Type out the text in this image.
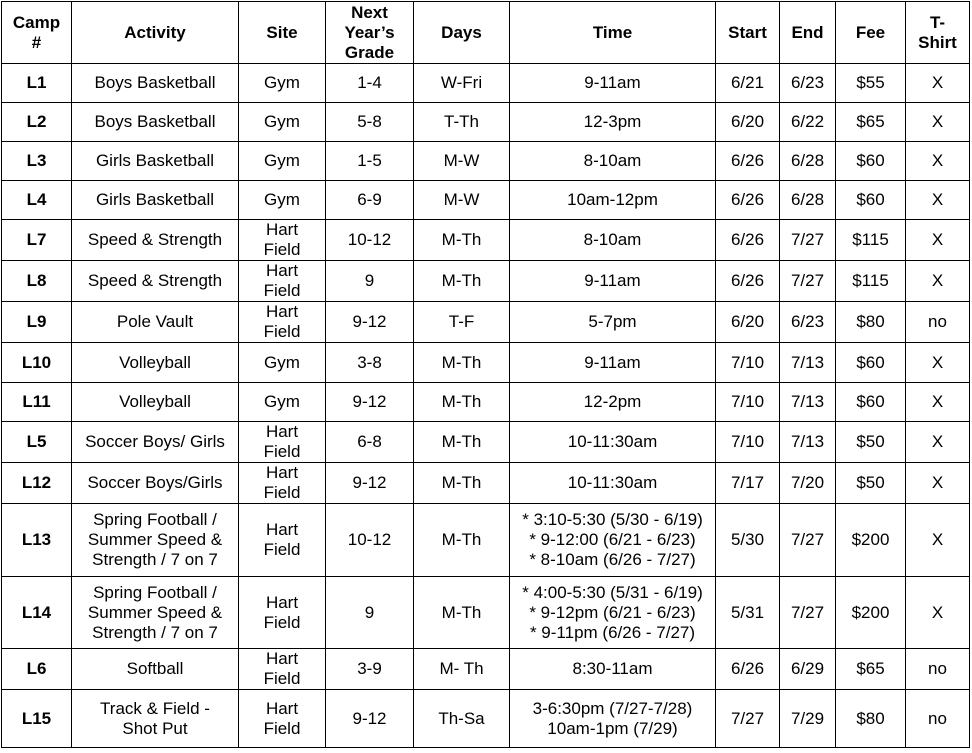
Camp
#	Activity	Site	Next
Year’s
Grade	Days	Time	Start	End	Fee	T-
Shirt

L1	Boys Basketball	Gym	1-4	W-Fri	9-11am	6/21	6/23	$55	X
L2	Boys Basketball	Gym	5-8	T-Th	12-3pm	6/20	6/22	$65	X
L3	Girls Basketball	Gym	1-5	M-W	8-10am	6/26	6/28	$60	X
L4	Girls Basketball	Gym	6-9	M-W	10am-12pm	6/26	6/28	$60	X
L7	Speed & Strength	Hart
Field	10-12	M-Th	8-10am	6/26	7/27	$115	X
L8	Speed & Strength	Hart
Field	9	M-Th	9-11am	6/26	7/27	$115	X
L9	Pole Vault	Hart
Field	9-12	T-F	5-7pm	6/20	6/23	$80	no
L10	Volleyball	Gym	3-8	M-Th	9-11am	7/10	7/13	$60	X
L11	Volleyball	Gym	9-12	M-Th	12-2pm	7/10	7/13	$60	X
L5	Soccer Boys/ Girls	Hart
Field	6-8	M-Th	10-11:30am	7/10	7/13	$50	X
L12	Soccer Boys/Girls	Hart
Field	9-12	M-Th	10-11:30am	7/17	7/20	$50	X
L13	Spring Football /
Summer Speed &
Strength / 7 on 7	Hart
Field	10-12	M-Th	* 3:10-5:30 (5/30 - 6/19)
* 9-12:00 (6/21 - 6/23)
* 8-10am (6/26 - 7/27)	5/30	7/27	$200	X
L14	Spring Football /
Summer Speed &
Strength / 7 on 7	Hart
Field	9	M-Th	* 4:00-5:30 (5/31 - 6/19)
* 9-12pm (6/21 - 6/23)
* 9-11pm (6/26 - 7/27)	5/31	7/27	$200	X
L6	Softball	Hart
Field	3-9	M- Th	8:30-11am	6/26	6/29	$65	no
L15	Track & Field -
Shot Put	Hart
Field	9-12	Th-Sa	3-6:30pm (7/27-7/28)
10am-1pm (7/29)	7/27	7/29	$80	no
